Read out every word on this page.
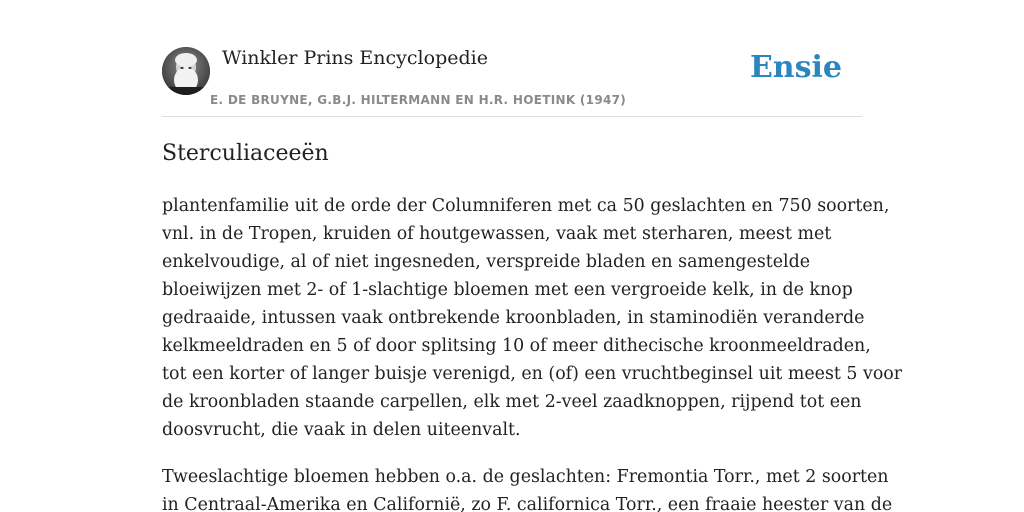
Winkler Prins Encyclopedie
E. DE BRUYNE, G.B.J. HILTERMANN EN H.R. HOETINK (1947)
Ensie
Sterculiaceeën

plantenfamilie uit de orde der Columniferen met ca 50 geslachten en 750 soorten,
vnl. in de Tropen, kruiden of houtgewassen, vaak met sterharen, meest met
enkelvoudige, al of niet ingesneden, verspreide bladen en samengestelde
bloeiwijzen met 2- of 1-slachtige bloemen met een vergroeide kelk, in de knop
gedraaide, intussen vaak ontbrekende kroonbladen, in staminodiën veranderde
kelkmeeldraden en 5 of door splitsing 10 of meer dithecische kroonmeeldraden,
tot een korter of langer buisje verenigd, en (of) een vruchtbeginsel uit meest 5 voor
de kroonbladen staande carpellen, elk met 2-veel zaadknoppen, rijpend tot een
doosvrucht, die vaak in delen uiteenvalt.

Tweeslachtige bloemen hebben o.a. de geslachten: Fremontia Torr., met 2 soorten
in Centraal-Amerika en Californië, zo F. californica Torr., een fraaie heester van de
